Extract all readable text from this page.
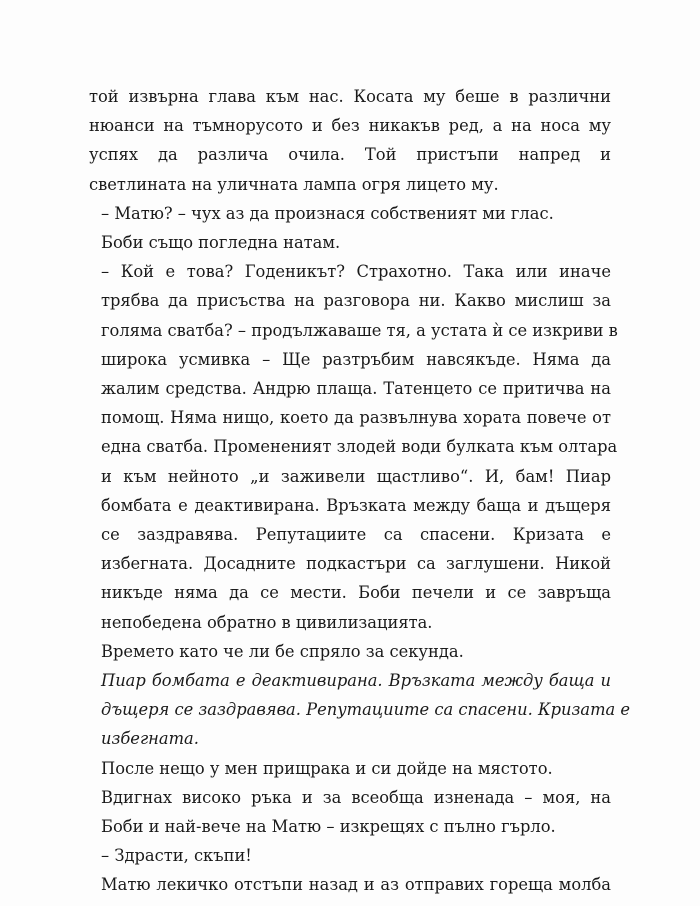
той извърна глава към нас. Косата му беше в различни
нюанси на тъмнорусото и без никакъв ред, а на носа му
успях да различа очила. Той пристъпи напред и
светлината на уличната лампа огря лицето му.
– Матю? – чух аз да произнася собственият ми глас.
Боби също погледна натам.
– Кой е това? Годеникът? Страхотно. Така или иначе
трябва да присъства на разговора ни. Какво мислиш за
голяма сватба? – продължаваше тя, а устата ѝ се изкриви в
широка усмивка – Ще разтръбим навсякъде. Няма да
жалим средства. Андрю плаща. Татенцето се притичва на
помощ. Няма нищо, което да развълнува хората повече от
една сватба. Промененият злодей води булката към олтара
и към нейното „и заживели щастливо“. И, бам! Пиар
бомбата е деактивирана. Връзката между баща и дъщеря
се заздравява. Репутациите са спасени. Кризата е
избегната. Досадните подкастъри са заглушени. Никой
никъде няма да се мести. Боби печели и се завръща
непобедена обратно в цивилизацията.
Времето като че ли бе спряло за секунда.
Пиар бомбата е деактивирана. Връзката между баща и
дъщеря се заздравява. Репутациите са спасени. Кризата е
избегната.
После нещо у мен прищрака и си дойде на мястото.
Вдигнах високо ръка и за всеобща изненада – моя, на
Боби и най-вече на Матю – изкрещях с пълно гърло.
– Здрасти, скъпи!
Матю лекичко отстъпи назад и аз отправих гореща молба
